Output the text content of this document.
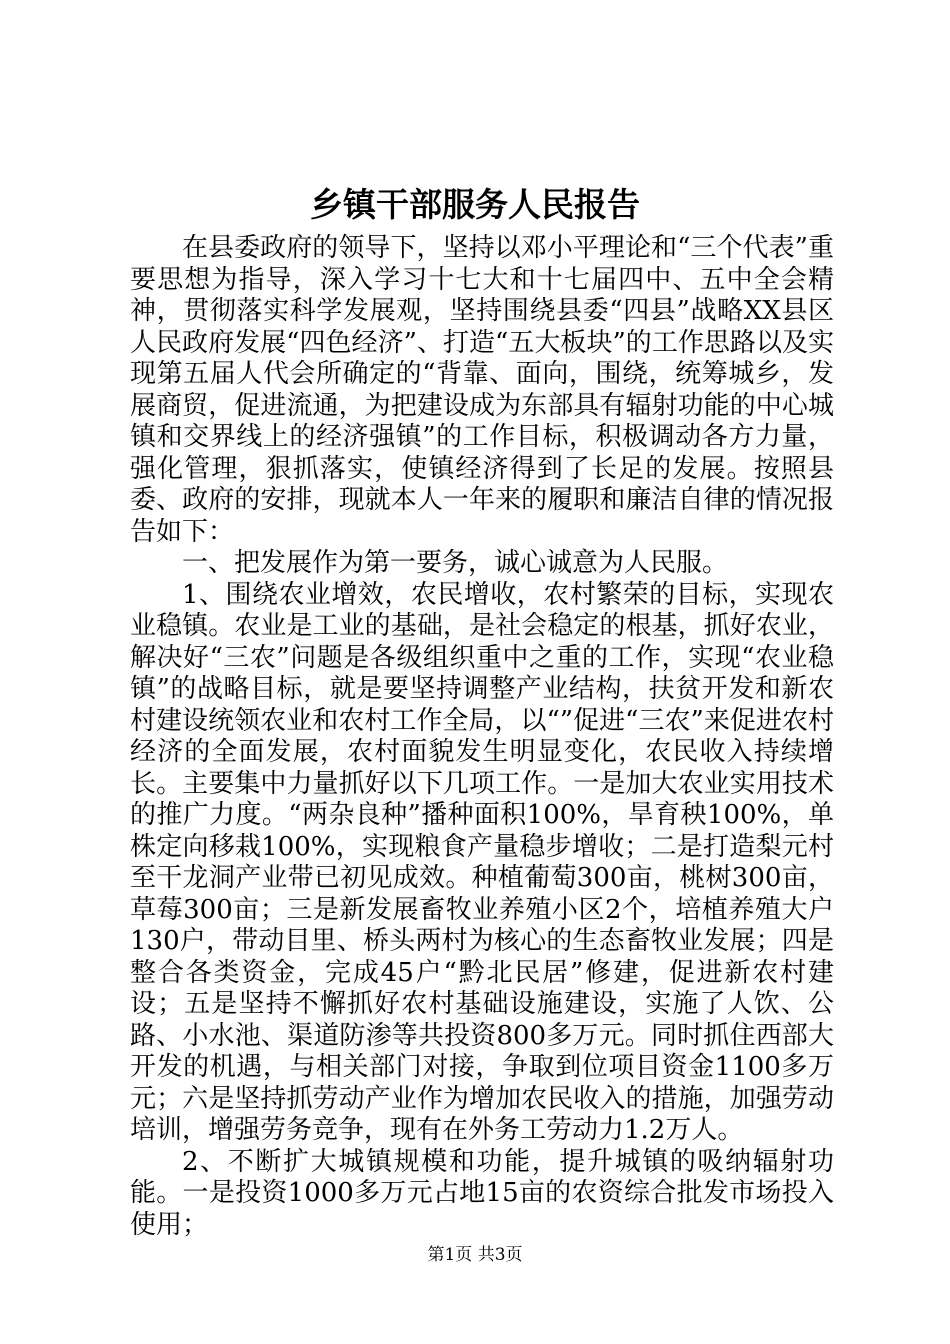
乡镇干部服务人民报告

在县委政府的领导下，坚持以邓小平理论和“三个代表”重要思想为指导，深入学习十七大和十七届四中、五中全会精神，贯彻落实科学发展观，坚持围绕县委“四县”战略XX县区人民政府发展“四色经济”、打造“五大板块”的工作思路以及实现第五届人代会所确定的“背靠、面向，围绕，统筹城乡，发展商贸，促进流通，为把建设成为东部具有辐射功能的中心城镇和交界线上的经济强镇”的工作目标，积极调动各方力量，强化管理，狠抓落实，使镇经济得到了长足的发展。按照县委、政府的安排，现就本人一年来的履职和廉洁自律的情况报告如下：

一、把发展作为第一要务，诚心诚意为人民服。

1、围绕农业增效，农民增收，农村繁荣的目标，实现农业稳镇。农业是工业的基础，是社会稳定的根基，抓好农业，解决好“三农”问题是各级组织重中之重的工作，实现“农业稳镇”的战略目标，就是要坚持调整产业结构，扶贫开发和新农村建设统领农业和农村工作全局，以“”促进“三农”来促进农村经济的全面发展，农村面貌发生明显变化，农民收入持续增长。主要集中力量抓好以下几项工作。一是加大农业实用技术的推广力度。“两杂良种”播种面积100%，旱育秧100%，单株定向移栽100%，实现粮食产量稳步增收；二是打造梨元村至干龙洞产业带已初见成效。种植葡萄300亩，桃树300亩，草莓300亩；三是新发展畜牧业养殖小区2个，培植养殖大户130户，带动目里、桥头两村为核心的生态畜牧业发展；四是整合各类资金，完成45户“黔北民居”修建，促进新农村建设；五是坚持不懈抓好农村基础设施建设，实施了人饮、公路、小水池、渠道防渗等共投资800多万元。同时抓住西部大开发的机遇，与相关部门对接，争取到位项目资金1100多万元；六是坚持抓劳动产业作为增加农民收入的措施，加强劳动培训，增强劳务竞争，现有在外务工劳动力1.2万人。

2、不断扩大城镇规模和功能，提升城镇的吸纳辐射功能。一是投资1000多万元占地15亩的农资综合批发市场投入使用；

第1页 共3页
